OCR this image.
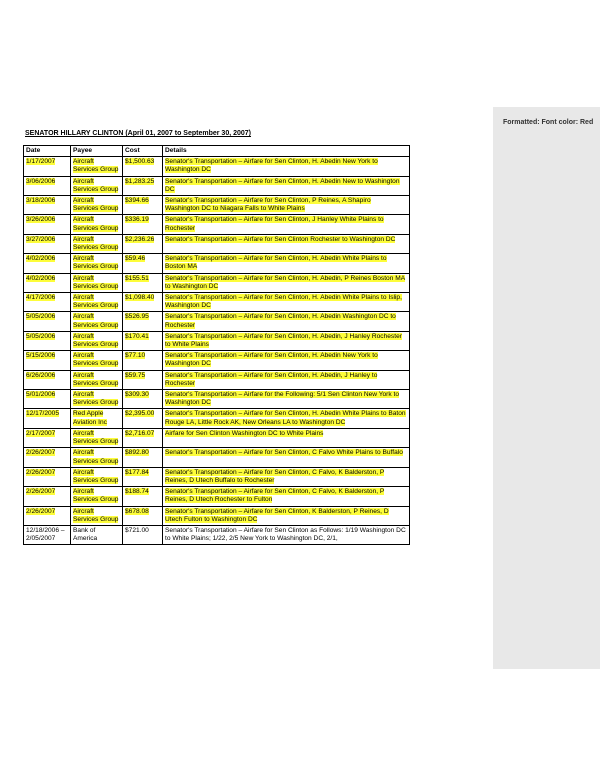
Formatted: Font color: Red
SENATOR HILLARY CLINTON (April 01, 2007 to September 30, 2007)
Date	Payee	Cost	Details
1/17/2007	Aircraft Services Group	$1,500.63	Senator's Transportation – Airfare for Sen Clinton, H. Abedin New York to Washington DC
3/06/2006	Aircraft Services Group	$1,283.25	Senator's Transportation – Airfare for Sen Clinton, H. Abedin New to Washington DC
3/18/2006	Aircraft Services Group	$394.66	Senator's Transportation – Airfare for Sen Clinton, P Reines, A Shapiro Washington DC to Niagara Falls to White Plains
3/26/2006	Aircraft Services Group	$336.19	Senator's Transportation – Airfare for Sen Clinton, J Hanley White Plains to Rochester
3/27/2006	Aircraft Services Group	$2,236.26	Senator's Transportation – Airfare for Sen Clinton Rochester to Washington DC
4/02/2006	Aircraft Services Group	$59.46	Senator's Transportation – Airfare for Sen Clinton, H. Abedin White Plains to Boston MA
4/02/2006	Aircraft Services Group	$155.51	Senator's Transportation – Airfare for Sen Clinton, H. Abedin, P Reines Boston MA to Washington DC
4/17/2006	Aircraft Services Group	$1,098.40	Senator's Transportation – Airfare for Sen Clinton, H. Abedin White Plains to Islip, Washington DC
5/05/2006	Aircraft Services Group	$526.95	Senator's Transportation – Airfare for Sen Clinton, H. Abedin Washington DC to Rochester
5/05/2006	Aircraft Services Group	$170.41	Senator's Transportation – Airfare for Sen Clinton, H. Abedin, J Hanley Rochester to White Plains
5/15/2006	Aircraft Services Group	$77.10	Senator's Transportation – Airfare for Sen Clinton, H. Abedin New York to Washington DC
6/26/2006	Aircraft Services Group	$59.75	Senator's Transportation – Airfare for Sen Clinton, H. Abedin, J Hanley to Rochester
5/01/2006	Aircraft Services Group	$309.30	Senator's Transportation – Airfare for the Following: 5/1 Sen Clinton New York to Washington DC
12/17/2005	Red Apple Aviation Inc	$2,395.00	Senator's Transportation – Airfare for Sen Clinton, H. Abedin White Plains to Baton Rouge LA, Little Rock AK, New Orleans LA to Washington DC
2/17/2007	Aircraft Services Group	$2,716.07	Airfare for Sen Clinton Washington DC to White Plains
2/26/2007	Aircraft Services Group	$892.80	Senator's Transportation – Airfare for Sen Clinton, C Falvo White Plains to Buffalo
2/26/2007	Aircraft Services Group	$177.84	Senator's Transportation – Airfare for Sen Clinton, C Falvo, K Balderston, P Reines, D Utech Buffalo to Rochester
2/26/2007	Aircraft Services Group	$188.74	Senator's Transportation – Airfare for Sen Clinton, C Falvo, K Balderston, P Reines, D Utech Rochester to Fulton
2/26/2007	Aircraft Services Group	$678.08	Senator's Transportation – Airfare for Sen Clinton, K Balderston, P Reines, D Utech Fulton to Washington DC
12/18/2006 – 2/05/2007	Bank of America	$721.00	Senator's Transportation – Airfare for Sen Clinton as Follows: 1/19 Washington DC to White Plains; 1/22, 2/5 New York to Washington DC, 2/1,
